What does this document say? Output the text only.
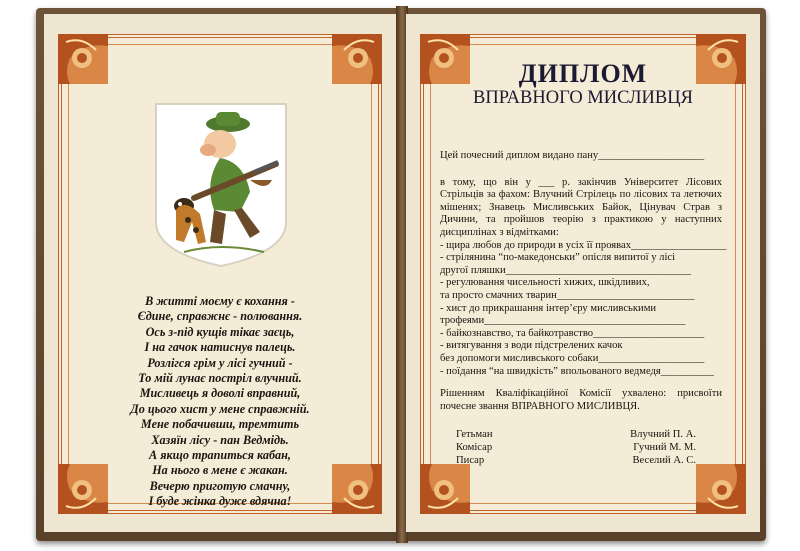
В житті моєму є кохання -
Єдине, справжнє - полювання.
Ось з-під кущів тікає заєць,
І на гачок натиснув палець.
Розлігся грім у лісі гучний -
То мій лунає постріл влучний.
Мисливець я доволі вправний,
До цього хист у мене справжній.
Мене побачивши, тремтить
Хазяїн лісу - пан Ведмідь.
А якщо трапиться кабан,
На нього в мене є жакан.
Вечерю приготую смачну,
І буде жінка дуже вдячна!
ДИПЛОМ
ВПРАВНОГО МИСЛИВЦЯ

Цей почесний диплом видано пану____________________

в тому, що він у ___ р. закінчив Університет Лісових Стрільців за фахом: Влучний Стрілець по лісових та летючих мішенях; Знавець Мисливських Байок, Цінувач Страв з Дичини, та пройшов теорію з практикою у наступних дисциплінах з відмітками:

- щира любов до природи в усіх її проявах__________________

- стрілянина “по-македонськи” опісля випитої у лісі

другої пляшки___________________________________

- регулювання чисельності хижих, шкідливих,

та просто смачних тварин__________________________

- хист до прикрашання інтер’єру мисливськими

трофеями______________________________________

- байкознавство, та байкотравство_____________________

- витягування з води підстрелених качок

без допомоги мисливського собаки____________________

- поїдання “на швидкість” впольованого ведмедя__________

Рішенням Кваліфікаційної Комісії ухвалено: присвоїти почесне звання ВПРАВНОГО МИСЛИВЦЯ.

Гетьман	Влучний П. А.
Комісар	Гучний М. М.
Писар	Веселий А. С.
